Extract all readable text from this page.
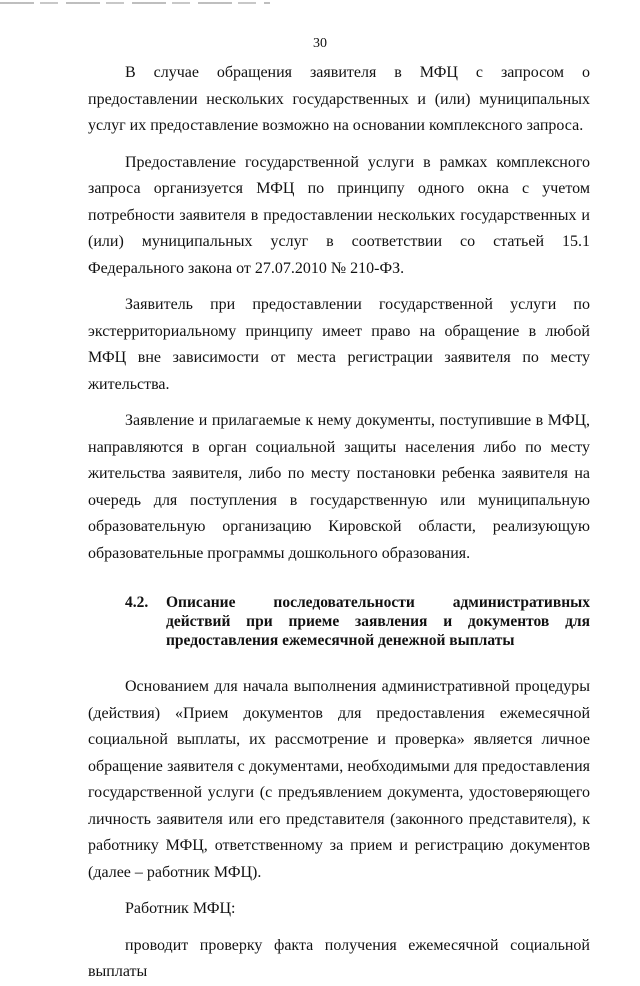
30

В случае обращения заявителя в МФЦ с запросом о предоставлении нескольких государственных и (или) муниципальных услуг их предоставление возможно на основании комплексного запроса.

Предоставление государственной услуги в рамках комплексного запроса организуется МФЦ по принципу одного окна с учетом потребности заявителя в предоставлении нескольких государственных и (или) муниципальных услуг в соответствии со статьей 15.1 Федерального закона от 27.07.2010 № 210-ФЗ.

Заявитель при предоставлении государственной услуги по экстерриториальному принципу имеет право на обращение в любой МФЦ вне зависимости от места регистрации заявителя по месту жительства.

Заявление и прилагаемые к нему документы, поступившие в МФЦ, направляются в орган социальной защиты населения либо по месту жительства заявителя, либо по месту постановки ребенка заявителя на очередь для поступления в государственную или муниципальную образовательную организацию Кировской области, реализующую образовательные программы дошкольного образования.

4.2.	Описание последовательности административных действий при приеме заявления и документов для предоставления ежемесячной денежной выплаты

Основанием для начала выполнения административной процедуры (действия) «Прием документов для предоставления ежемесячной социальной выплаты, их рассмотрение и проверка» является личное обращение заявителя с документами, необходимыми для предоставления государственной услуги (с предъявлением документа, удостоверяющего личность заявителя или его представителя (законного представителя), к работнику МФЦ, ответственному за прием и регистрацию документов (далее – работник МФЦ).

Работник МФЦ:

проводит проверку факта получения ежемесячной социальной выплаты
